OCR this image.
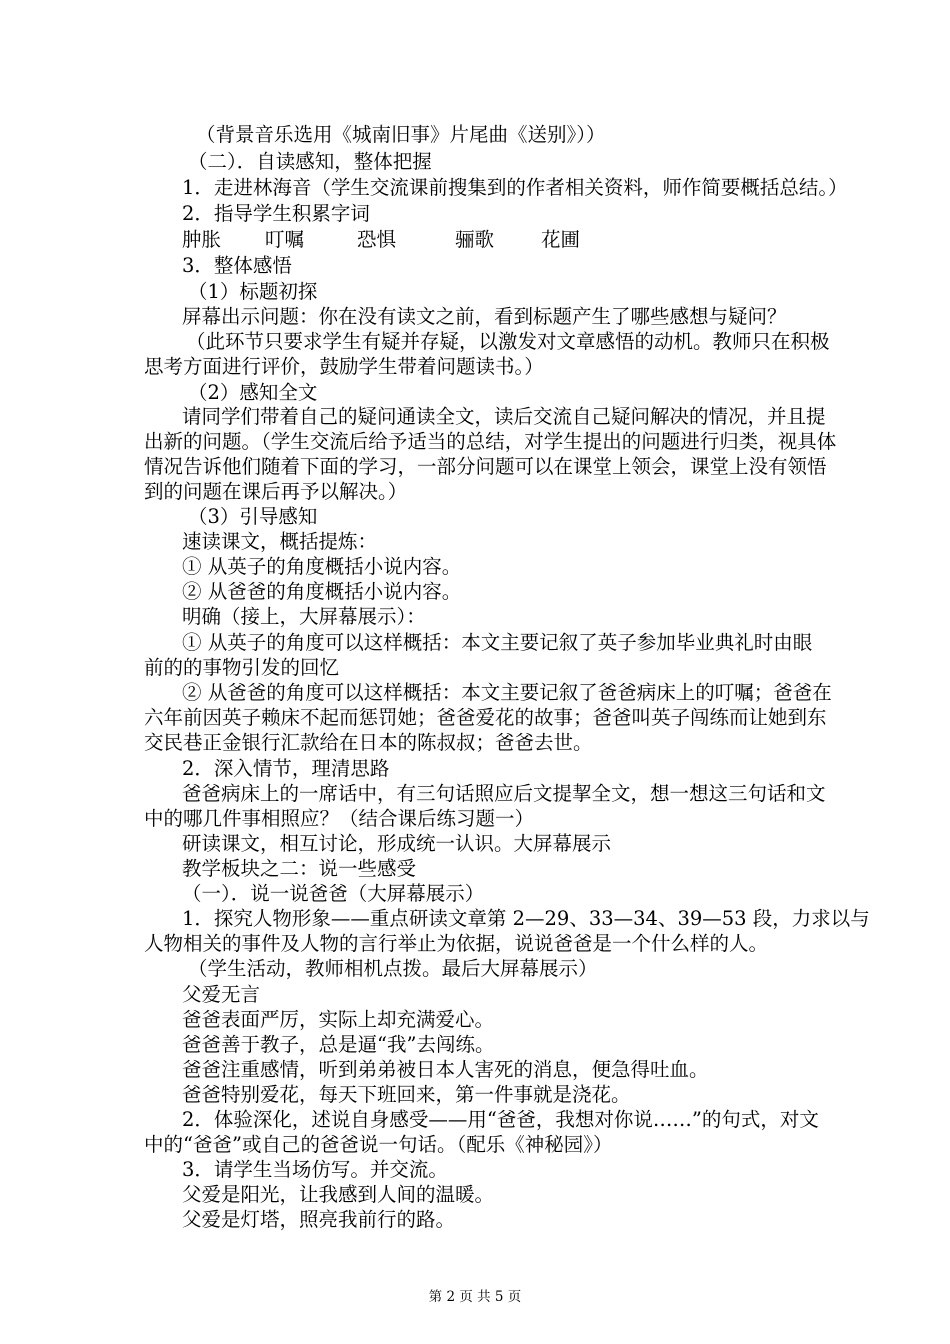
（背景音乐选用《城南旧事》片尾曲《送别》））
（二）．自读感知，整体把握
1．走进林海音（学生交流课前搜集到的作者相关资料，师作简要概括总结。）
2．指导学生积累字词
肿胀	叮嘱	恐惧	骊歌	花圃
3．整体感悟
（1）标题初探
屏幕出示问题：你在没有读文之前，看到标题产生了哪些感想与疑问？
（此环节只要求学生有疑并存疑，以激发对文章感悟的动机。教师只在积极
思考方面进行评价，鼓励学生带着问题读书。）
（2）感知全文
请同学们带着自己的疑问通读全文，读后交流自己疑问解决的情况，并且提
出新的问题。（学生交流后给予适当的总结，对学生提出的问题进行归类，视具体
情况告诉他们随着下面的学习，一部分问题可以在课堂上领会，课堂上没有领悟
到的问题在课后再予以解决。）
（3）引导感知
速读课文，概括提炼：
① 从英子的角度概括小说内容。
② 从爸爸的角度概括小说内容。
明确（接上，大屏幕展示）：
① 从英子的角度可以这样概括：本文主要记叙了英子参加毕业典礼时由眼
前的的事物引发的回忆
② 从爸爸的角度可以这样概括：本文主要记叙了爸爸病床上的叮嘱；爸爸在
六年前因英子赖床不起而惩罚她；爸爸爱花的故事；爸爸叫英子闯练而让她到东
交民巷正金银行汇款给在日本的陈叔叔；爸爸去世。
2．深入情节，理清思路
爸爸病床上的一席话中，有三句话照应后文提挈全文，想一想这三句话和文
中的哪几件事相照应？（结合课后练习题一）
研读课文，相互讨论，形成统一认识。大屏幕展示
教学板块之二：说一些感受
（一）．说一说爸爸（大屏幕展示）
1．探究人物形象——重点研读文章第 2—29、33—34、39—53 段，力求以与
人物相关的事件及人物的言行举止为依据，说说爸爸是一个什么样的人。
（学生活动，教师相机点拨。最后大屏幕展示）
父爱无言
爸爸表面严厉，实际上却充满爱心。
爸爸善于教子，总是逼“我”去闯练。
爸爸注重感情，听到弟弟被日本人害死的消息，便急得吐血。
爸爸特别爱花，每天下班回来，第一件事就是浇花。
2．体验深化，述说自身感受——用“爸爸，我想对你说……”的句式，对文
中的“爸爸”或自己的爸爸说一句话。（配乐《神秘园》）
3．请学生当场仿写。并交流。
父爱是阳光，让我感到人间的温暖。
父爱是灯塔，照亮我前行的路。
第 2 页 共 5 页
